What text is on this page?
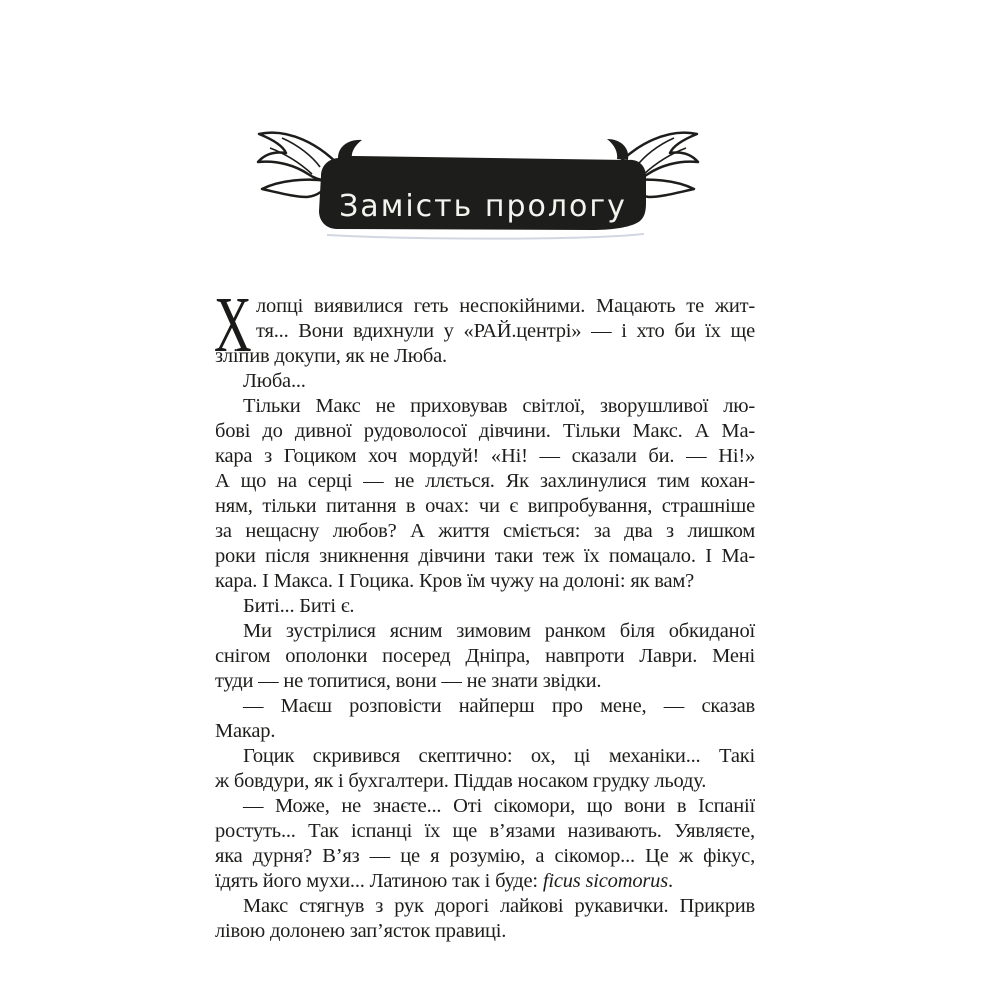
Замість прологу
Х лопці виявилися геть неспокійними. Мацають те жит-
тя... Вони вдихнули у «РАЙ.центрі» — і хто би їх ще
зліпив докупи, як не Люба.
Люба...
Тільки Макс не приховував світлої, зворушливої лю-
бові до дивної рудоволосої дівчини. Тільки Макс. А Ма-
кара з Гоциком хоч мордуй! «Ні! — сказали би. — Ні!»
А що на серці — не ллється. Як захлинулися тим кохан-
ням, тільки питання в очах: чи є випробування, страшніше
за нещасну любов? А життя сміється: за два з лишком
роки після зникнення дівчини таки теж їх помацало. І Ма-
кара. І Макса. І Гоцика. Кров їм чужу на долоні: як вам?
Биті... Биті є.
Ми зустрілися ясним зимовим ранком біля обкиданої
снігом ополонки посеред Дніпра, навпроти Лаври. Мені
туди — не топитися, вони — не знати звідки.
— Маєш розповісти найперш про мене, — сказав
Макар.
Гоцик скривився скептично: ох, ці механіки... Такі
ж бовдури, як і бухгалтери. Піддав носаком грудку льоду.
— Може, не знаєте... Оті сікомори, що вони в Іспанії
ростуть... Так іспанці їх ще в’язами називають. Уявляєте,
яка дурня? В’яз — це я розумію, а сікомор... Це ж фікус,
їдять його мухи... Латиною так і буде: ficus sicomorus.
Макс стягнув з рук дорогі лайкові рукавички. Прикрив
лівою долонею зап’ясток правиці.
